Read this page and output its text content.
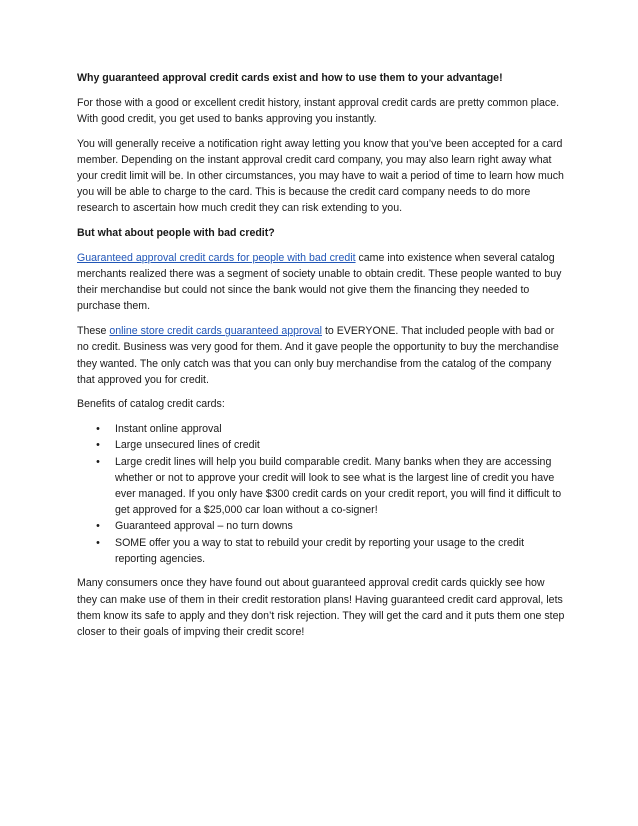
Why guaranteed approval credit cards exist and how to use them to your advantage!

For those with a good or excellent credit history, instant approval credit cards are pretty common place. With good credit, you get used to banks approving you instantly.

You will generally receive a notification right away letting you know that you’ve been accepted for a card member. Depending on the instant approval credit card company, you may also learn right away what your credit limit will be. In other circumstances, you may have to wait a period of time to learn how much you will be able to charge to the card. This is because the credit card company needs to do more research to ascertain how much credit they can risk extending to you.

But what about people with bad credit?

Guaranteed approval credit cards for people with bad credit came into existence when several catalog merchants realized there was a segment of society unable to obtain credit. These people wanted to buy their merchandise but could not since the bank would not give them the financing they needed to purchase them.

These online store credit cards guaranteed approval to EVERYONE. That included people with bad or no credit. Business was very good for them. And it gave people the opportunity to buy the merchandise they wanted. The only catch was that you can only buy merchandise from the catalog of the company that approved you for credit.

Benefits of catalog credit cards:

• Instant online approval
• Large unsecured lines of credit
• Large credit lines will help you build comparable credit. Many banks when they are accessing whether or not to approve your credit will look to see what is the largest line of credit you have ever managed. If you only have $300 credit cards on your credit report, you will find it difficult to get approved for a $25,000 car loan without a co-signer!
• Guaranteed approval – no turn downs
• SOME offer you a way to stat to rebuild your credit by reporting your usage to the credit reporting agencies.

Many consumers once they have found out about guaranteed approval credit cards quickly see how they can make use of them in their credit restoration plans! Having guaranteed credit card approval, lets them know its safe to apply and they don’t risk rejection. They will get the card and it puts them one step closer to their goals of impving their credit score!
